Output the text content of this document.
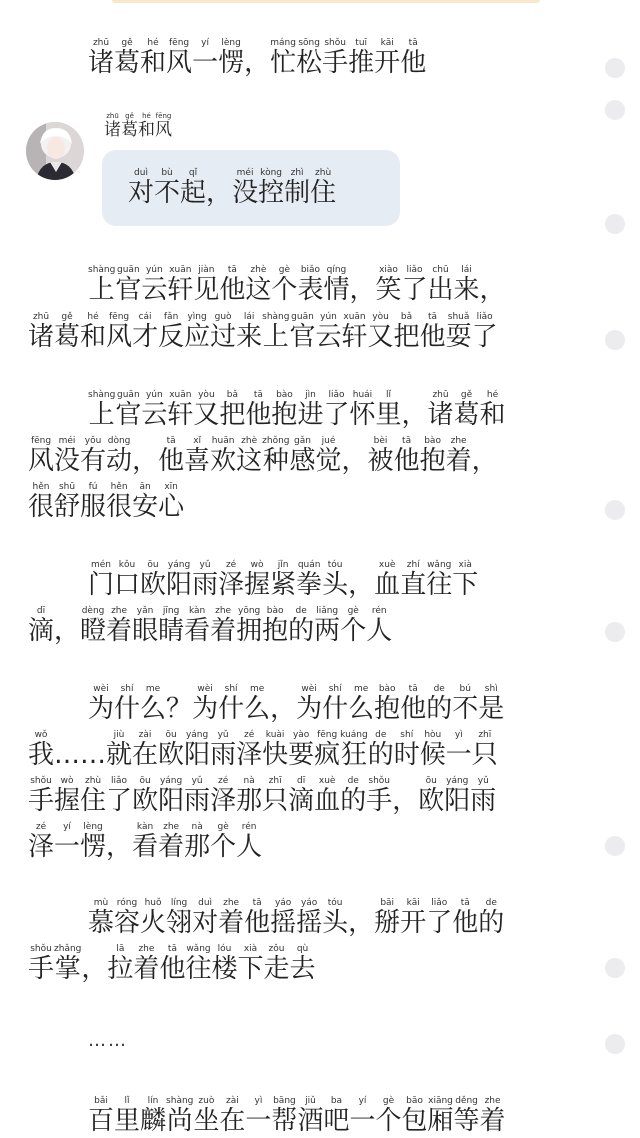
诸zhū
葛gě
和hé
风fēng
诸zhū
葛gě
和hé
风fēng
一yí
愣lèng
， 忙máng
松sōng
手shǒu
推tuī
开kāi
他tā
对duì
不bù
起qǐ
， 没méi
控kòng
制zhì
住zhù
上shàng
官guān
云yún
轩xuān
见jiàn
他tā
这zhè
个gè
表biǎo
情qíng
， 笑xiào
了liǎo
出chū
来lái
，
诸zhū
葛gě
和hé
风fēng
才cái
反fǎn
应yìng
过guò
来lái
上shàng
官guān
云yún
轩xuān
又yòu
把bǎ
他tā
耍shuǎ
了liǎo
上shàng
官guān
云yún
轩xuān
又yòu
把bǎ
他tā
抱bào
进jìn
了liǎo
怀huái
里lǐ
， 诸zhū
葛gě
和hé
风fēng
没méi
有yǒu
动dòng
， 他tā
喜xǐ
欢huān
这zhè
种zhǒng
感gǎn
觉jué
， 被bèi
他tā
抱bào
着zhe
，
很hěn
舒shū
服fú
很hěn
安ān
心xīn
门mén
口kǒu
欧ōu
阳yáng
雨yǔ
泽zé
握wò
紧jǐn
拳quán
头tóu
， 血xuè
直zhí
往wǎng
下xià
滴dī
， 瞪dèng
着zhe
眼yǎn
睛jīng
看kàn
着zhe
拥yōng
抱bào
的de
两liǎng
个gè
人rén
为wèi
什shí
么me
？ 为wèi
什shí
么me
， 为wèi
什shí
么me
抱bào
他tā
的de
不bú
是shì
我wǒ
…… 就jiù
在zài
欧ōu
阳yáng
雨yǔ
泽zé
快kuài
要yào
疯fēng
狂kuáng
的de
时shí
候hòu
一yì
只zhī
手shǒu
握wò
住zhù
了liǎo
欧ōu
阳yáng
雨yǔ
泽zé
那nà
只zhī
滴dī
血xuè
的de
手shǒu
， 欧ōu
阳yáng
雨yǔ
泽zé
一yí
愣lèng
， 看kàn
着zhe
那nà
个gè
人rén
慕mù
容róng
火huǒ
翎líng
对duì
着zhe
他tā
摇yáo
摇yáo
头tóu
， 掰bāi
开kāi
了liǎo
他tā
的de
手shǒu
掌zhǎng
， 拉lā
着zhe
他tā
往wǎng
楼lóu
下xià
走zǒu
去qù
百bǎi
里lǐ
麟lín
尚shàng
坐zuò
在zài
一yì
帮bāng
酒jiǔ
吧ba
一yí
个gè
包bāo
厢xiāng
等děng
着zhe
……
